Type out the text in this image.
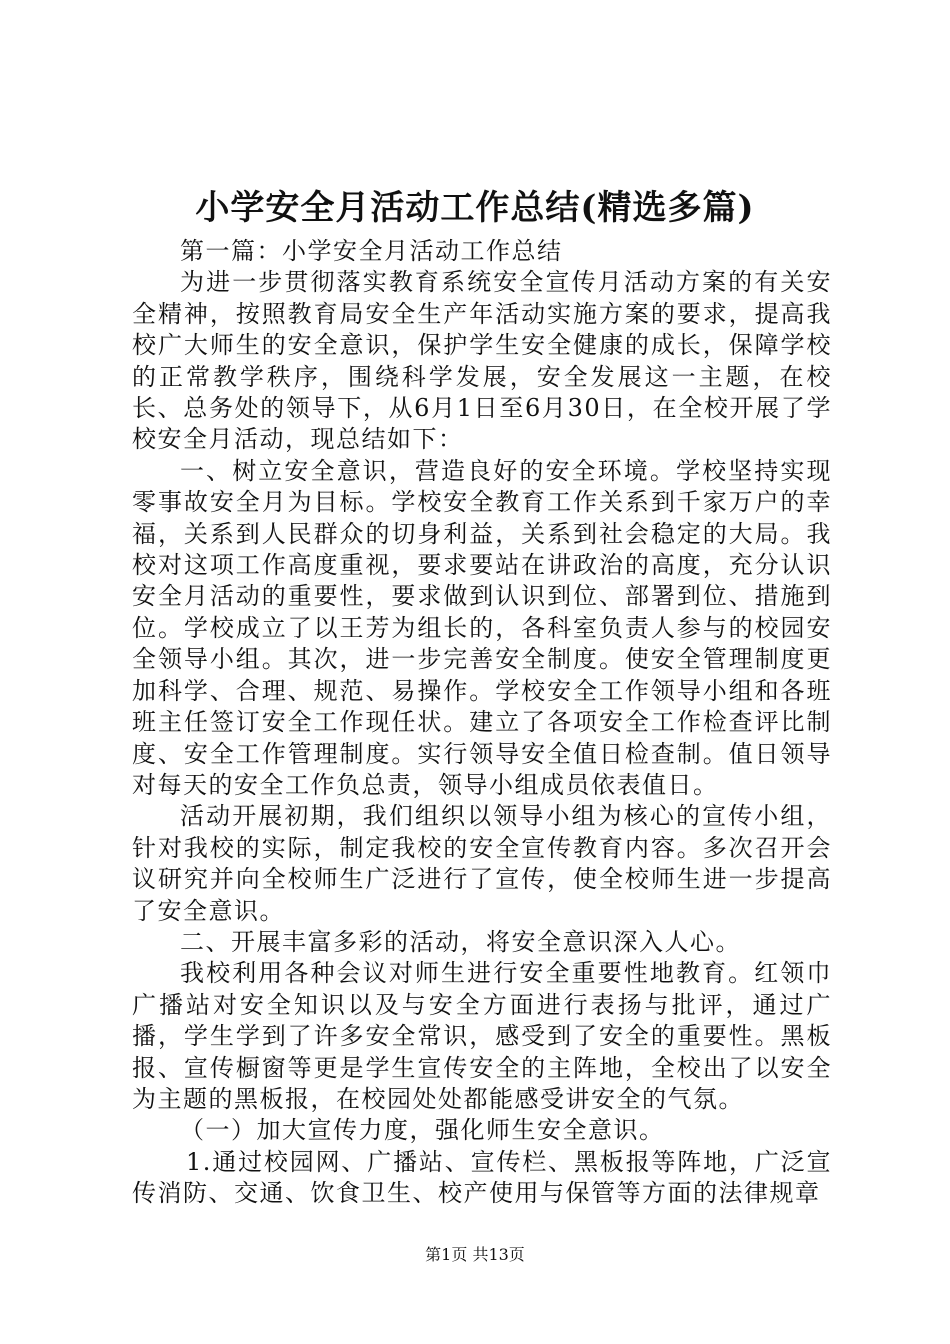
小学安全月活动工作总结(精选多篇)

第一篇：小学安全月活动工作总结

为进一步贯彻落实教育系统安全宣传月活动方案的有关安全精神，按照教育局安全生产年活动实施方案的要求，提高我校广大师生的安全意识，保护学生安全健康的成长，保障学校的正常教学秩序，围绕科学发展，安全发展这一主题，在校长、总务处的领导下，从6月1日至6月30日，在全校开展了学校安全月活动，现总结如下：

一、树立安全意识，营造良好的安全环境。学校坚持实现零事故安全月为目标。学校安全教育工作关系到千家万户的幸福，关系到人民群众的切身利益，关系到社会稳定的大局。我校对这项工作高度重视，要求要站在讲政治的高度，充分认识安全月活动的重要性，要求做到认识到位、部署到位、措施到位。学校成立了以王芳为组长的，各科室负责人参与的校园安全领导小组。其次，进一步完善安全制度。使安全管理制度更加科学、合理、规范、易操作。学校安全工作领导小组和各班班主任签订安全工作现任状。建立了各项安全工作检查评比制度、安全工作管理制度。实行领导安全值日检查制。值日领导对每天的安全工作负总责，领导小组成员依表值日。

活动开展初期，我们组织以领导小组为核心的宣传小组，针对我校的实际，制定我校的安全宣传教育内容。多次召开会议研究并向全校师生广泛进行了宣传，使全校师生进一步提高了安全意识。

二、开展丰富多彩的活动，将安全意识深入人心。

我校利用各种会议对师生进行安全重要性地教育。红领巾广播站对安全知识以及与安全方面进行表扬与批评，通过广播，学生学到了许多安全常识，感受到了安全的重要性。黑板报、宣传橱窗等更是学生宣传安全的主阵地，全校出了以安全为主题的黑板报，在校园处处都能感受讲安全的气氛。

（一）加大宣传力度，强化师生安全意识。

1.通过校园网、广播站、宣传栏、黑板报等阵地，广泛宣传消防、交通、饮食卫生、校产使用与保管等方面的法律规章

第1页 共13页
